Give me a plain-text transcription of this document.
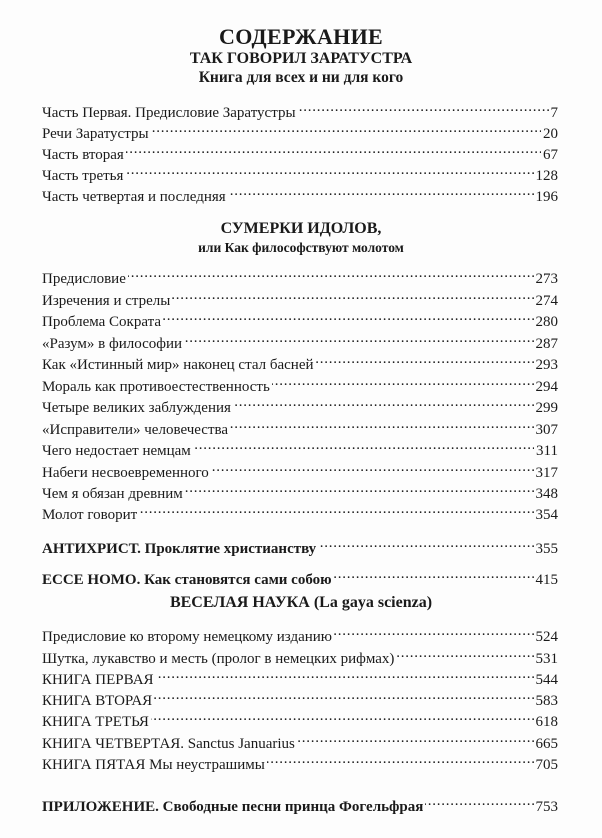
СОДЕРЖАНИЕ
ТАК ГОВОРИЛ ЗАРАТУСТРА
Книга для всех и ни для кого
Часть Первая. Предисловие Заратустры . . .	7
Речи Заратустры . . .	20
Часть вторая . . .	67
Часть третья . . .	128
Часть четвертая и последняя . . .	196
СУМЕРКИ ИДОЛОВ,
или Как философствуют молотом
Предисловие . . .	273
Изречения и стрелы . . .	274
Проблема Сократа . . .	280
«Разум» в философии . . .	287
Как «Истинный мир» наконец стал басней . . .	293
Мораль как противоестественность . . .	294
Четыре великих заблуждения . . .	299
«Исправители» человечества . . .	307
Чего недостает немцам . . .	311
Набеги несвоевременного . . .	317
Чем я обязан древним . . .	348
Молот говорит . . .	354
АНТИХРИСТ. Проклятие христианству . . .	355
ECCE HOMO. Как становятся сами собою . . .	415
ВЕСЕЛАЯ НАУКА (La gaya scienza)
Предисловие ко второму немецкому изданию . . .	524
Шутка, лукавство и месть (пролог в немецких рифмах) . . .	531
КНИГА ПЕРВАЯ . . .	544
КНИГА ВТОРАЯ . . .	583
КНИГА ТРЕТЬЯ . . .	618
КНИГА ЧЕТВЕРТАЯ. Sanctus Januarius . . .	665
КНИГА ПЯТАЯ Мы неустрашимы . . .	705
ПРИЛОЖЕНИЕ. Свободные песни принца Фогельфрая . . .	753
